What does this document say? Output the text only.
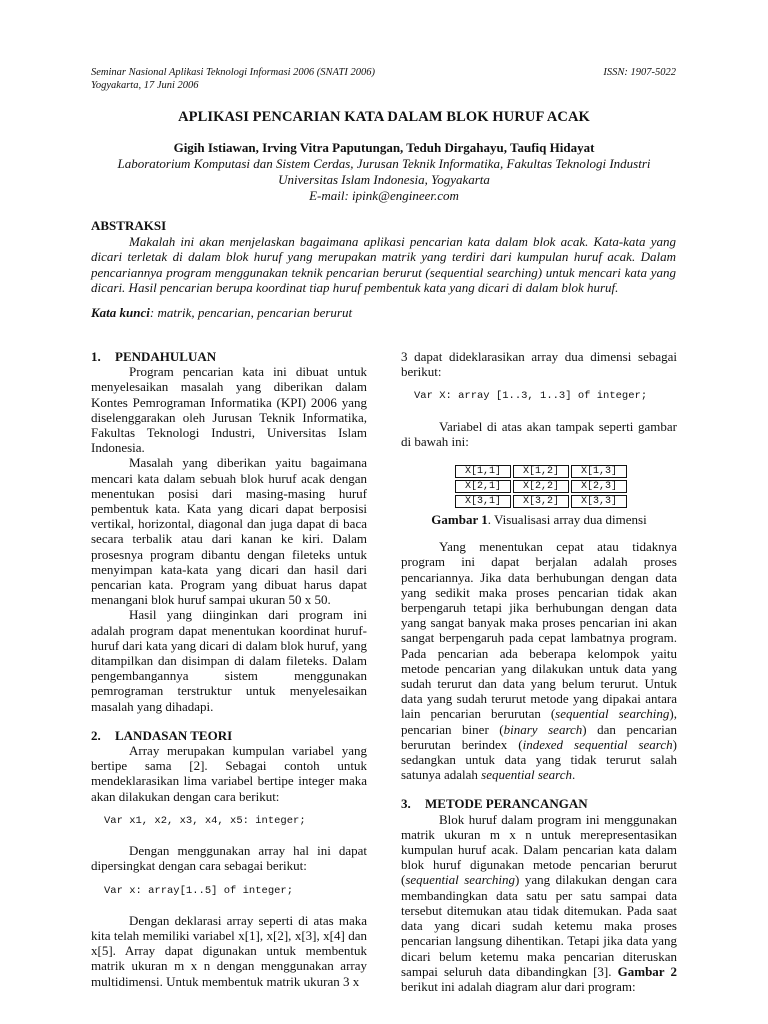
Seminar Nasional Aplikasi Teknologi Informasi 2006 (SNATI 2006)
Yogyakarta, 17 Juni 2006
ISSN: 1907-5022
APLIKASI PENCARIAN KATA DALAM BLOK HURUF ACAK
Gigih Istiawan, Irving Vitra Paputungan, Teduh Dirgahayu, Taufiq Hidayat
Laboratorium Komputasi dan Sistem Cerdas, Jurusan Teknik Informatika, Fakultas Teknologi Industri
Universitas Islam Indonesia, Yogyakarta
E-mail: ipink@engineer.com
ABSTRAKSI
Makalah ini akan menjelaskan bagaimana aplikasi pencarian kata dalam blok acak. Kata-kata yang dicari terletak di dalam blok huruf yang merupakan matrik yang terdiri dari kumpulan huruf acak. Dalam pencariannya program menggunakan teknik pencarian berurut (sequential searching) untuk mencari kata yang dicari. Hasil pencarian berupa koordinat tiap huruf pembentuk kata yang dicari di dalam blok huruf.
Kata kunci: matrik, pencarian, pencarian berurut
1. PENDAHULUAN

Program pencarian kata ini dibuat untuk menyelesaikan masalah yang diberikan dalam Kontes Pemrograman Informatika (KPI) 2006 yang diselenggarakan oleh Jurusan Teknik Informatika, Fakultas Teknologi Industri, Universitas Islam Indonesia.

Masalah yang diberikan yaitu bagaimana mencari kata dalam sebuah blok huruf acak dengan menentukan posisi dari masing-masing huruf pembentuk kata. Kata yang dicari dapat berposisi vertikal, horizontal, diagonal dan juga dapat di baca secara terbalik atau dari kanan ke kiri. Dalam prosesnya program dibantu dengan fileteks untuk menyimpan kata-kata yang dicari dan hasil dari pencarian kata. Program yang dibuat harus dapat menangani blok huruf sampai ukuran 50 x 50.

Hasil yang diinginkan dari program ini adalah program dapat menentukan koordinat huruf-huruf dari kata yang dicari di dalam blok huruf, yang ditampilkan dan disimpan di dalam fileteks. Dalam pengembangannya sistem menggunakan pemrograman terstruktur untuk menyelesaikan masalah yang dihadapi.

2. LANDASAN TEORI

Array merupakan kumpulan variabel yang bertipe sama [2]. Sebagai contoh untuk mendeklarasikan lima variabel bertipe integer maka akan dilakukan dengan cara berikut:

Var x1, x2, x3, x4, x5: integer;

Dengan menggunakan array hal ini dapat dipersingkat dengan cara sebagai berikut:

Var x: array[1..5] of integer;

Dengan deklarasi array seperti di atas maka kita telah memiliki variabel x[1], x[2], x[3], x[4] dan x[5]. Array dapat digunakan untuk membentuk matrik ukuran m x n dengan menggunakan array multidimensi. Untuk membentuk matrik ukuran 3 x

3 dapat dideklarasikan array dua dimensi sebagai berikut:

Var X: array [1..3, 1..3] of integer;

Variabel di atas akan tampak seperti gambar di bawah ini:

X[1,1]	X[1,2]	X[1,3]
X[2,1]	X[2,2]	X[2,3]
X[3,1]	X[3,2]	X[3,3]
Gambar 1. Visualisasi array dua dimensi

Yang menentukan cepat atau tidaknya program ini dapat berjalan adalah proses pencariannya. Jika data berhubungan dengan data yang sedikit maka proses pencarian tidak akan berpengaruh tetapi jika berhubungan dengan data yang sangat banyak maka proses pencarian ini akan sangat berpengaruh pada cepat lambatnya program. Pada pencarian ada beberapa kelompok yaitu metode pencarian yang dilakukan untuk data yang sudah terurut dan data yang belum terurut. Untuk data yang sudah terurut metode yang dipakai antara lain pencarian berurutan (sequential searching), pencarian biner (binary search) dan pencarian berurutan berindex (indexed sequential search) sedangkan untuk data yang tidak terurut salah satunya adalah sequential search.

3. METODE PERANCANGAN

Blok huruf dalam program ini menggunakan matrik ukuran m x n untuk merepresentasikan kumpulan huruf acak. Dalam pencarian kata dalam blok huruf digunakan metode pencarian berurut (sequential searching) yang dilakukan dengan cara membandingkan data satu per satu sampai data tersebut ditemukan atau tidak ditemukan. Pada saat data yang dicari sudah ketemu maka proses pencarian langsung dihentikan. Tetapi jika data yang dicari belum ketemu maka pencarian diteruskan sampai seluruh data dibandingkan [3]. Gambar 2 berikut ini adalah diagram alur dari program:
